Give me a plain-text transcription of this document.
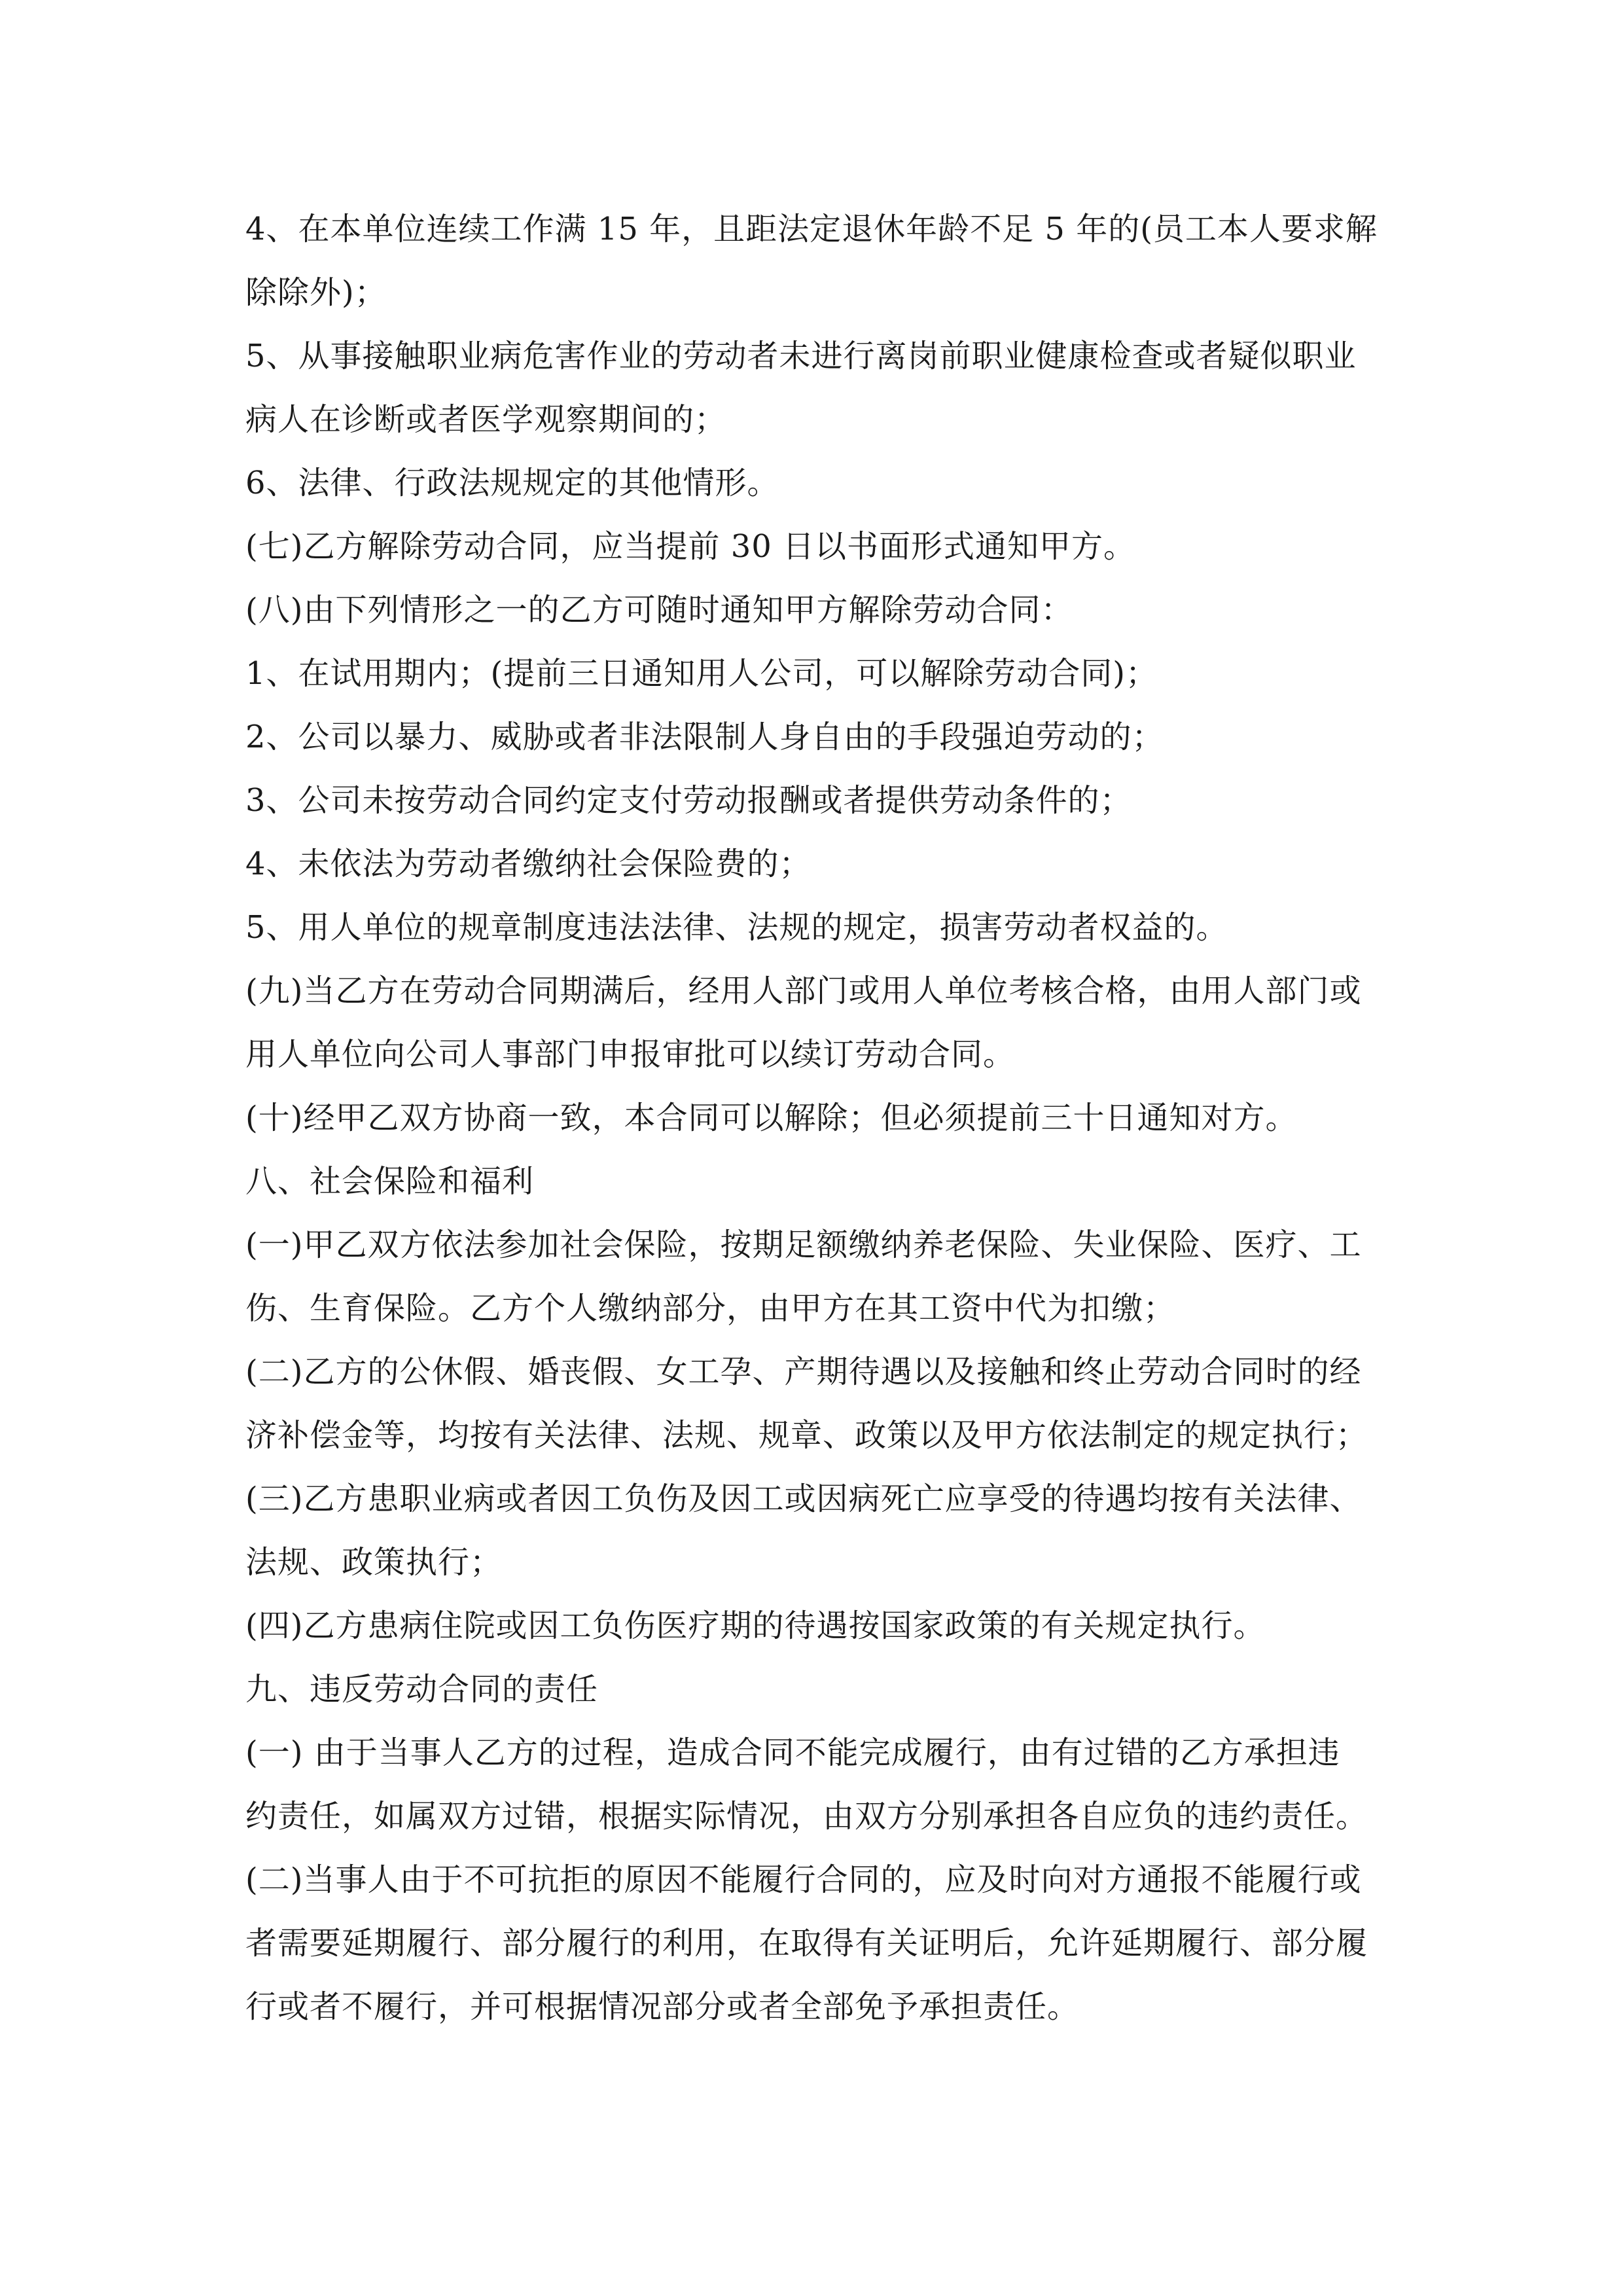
4、在本单位连续工作满 15 年，且距法定退休年龄不足 5 年的(员工本人要求解
除除外)；

5、从事接触职业病危害作业的劳动者未进行离岗前职业健康检查或者疑似职业
病人在诊断或者医学观察期间的；

6、法律、行政法规规定的其他情形。

(七)乙方解除劳动合同，应当提前 30 日以书面形式通知甲方。

(八)由下列情形之一的乙方可随时通知甲方解除劳动合同：

1、在试用期内；(提前三日通知用人公司，可以解除劳动合同)；

2、公司以暴力、威胁或者非法限制人身自由的手段强迫劳动的；

3、公司未按劳动合同约定支付劳动报酬或者提供劳动条件的；

4、未依法为劳动者缴纳社会保险费的；

5、用人单位的规章制度违法法律、法规的规定，损害劳动者权益的。

(九)当乙方在劳动合同期满后，经用人部门或用人单位考核合格，由用人部门或
用人单位向公司人事部门申报审批可以续订劳动合同。

(十)经甲乙双方协商一致，本合同可以解除；但必须提前三十日通知对方。

八、社会保险和福利

(一)甲乙双方依法参加社会保险，按期足额缴纳养老保险、失业保险、医疗、工
伤、生育保险。乙方个人缴纳部分，由甲方在其工资中代为扣缴；

(二)乙方的公休假、婚丧假、女工孕、产期待遇以及接触和终止劳动合同时的经
济补偿金等，均按有关法律、法规、规章、政策以及甲方依法制定的规定执行；

(三)乙方患职业病或者因工负伤及因工或因病死亡应享受的待遇均按有关法律、
法规、政策执行；

(四)乙方患病住院或因工负伤医疗期的待遇按国家政策的有关规定执行。

九、违反劳动合同的责任

(一) 由于当事人乙方的过程，造成合同不能完成履行，由有过错的乙方承担违
约责任，如属双方过错，根据实际情况，由双方分别承担各自应负的违约责任。

(二)当事人由于不可抗拒的原因不能履行合同的，应及时向对方通报不能履行或
者需要延期履行、部分履行的利用，在取得有关证明后，允许延期履行、部分履
行或者不履行，并可根据情况部分或者全部免予承担责任。
